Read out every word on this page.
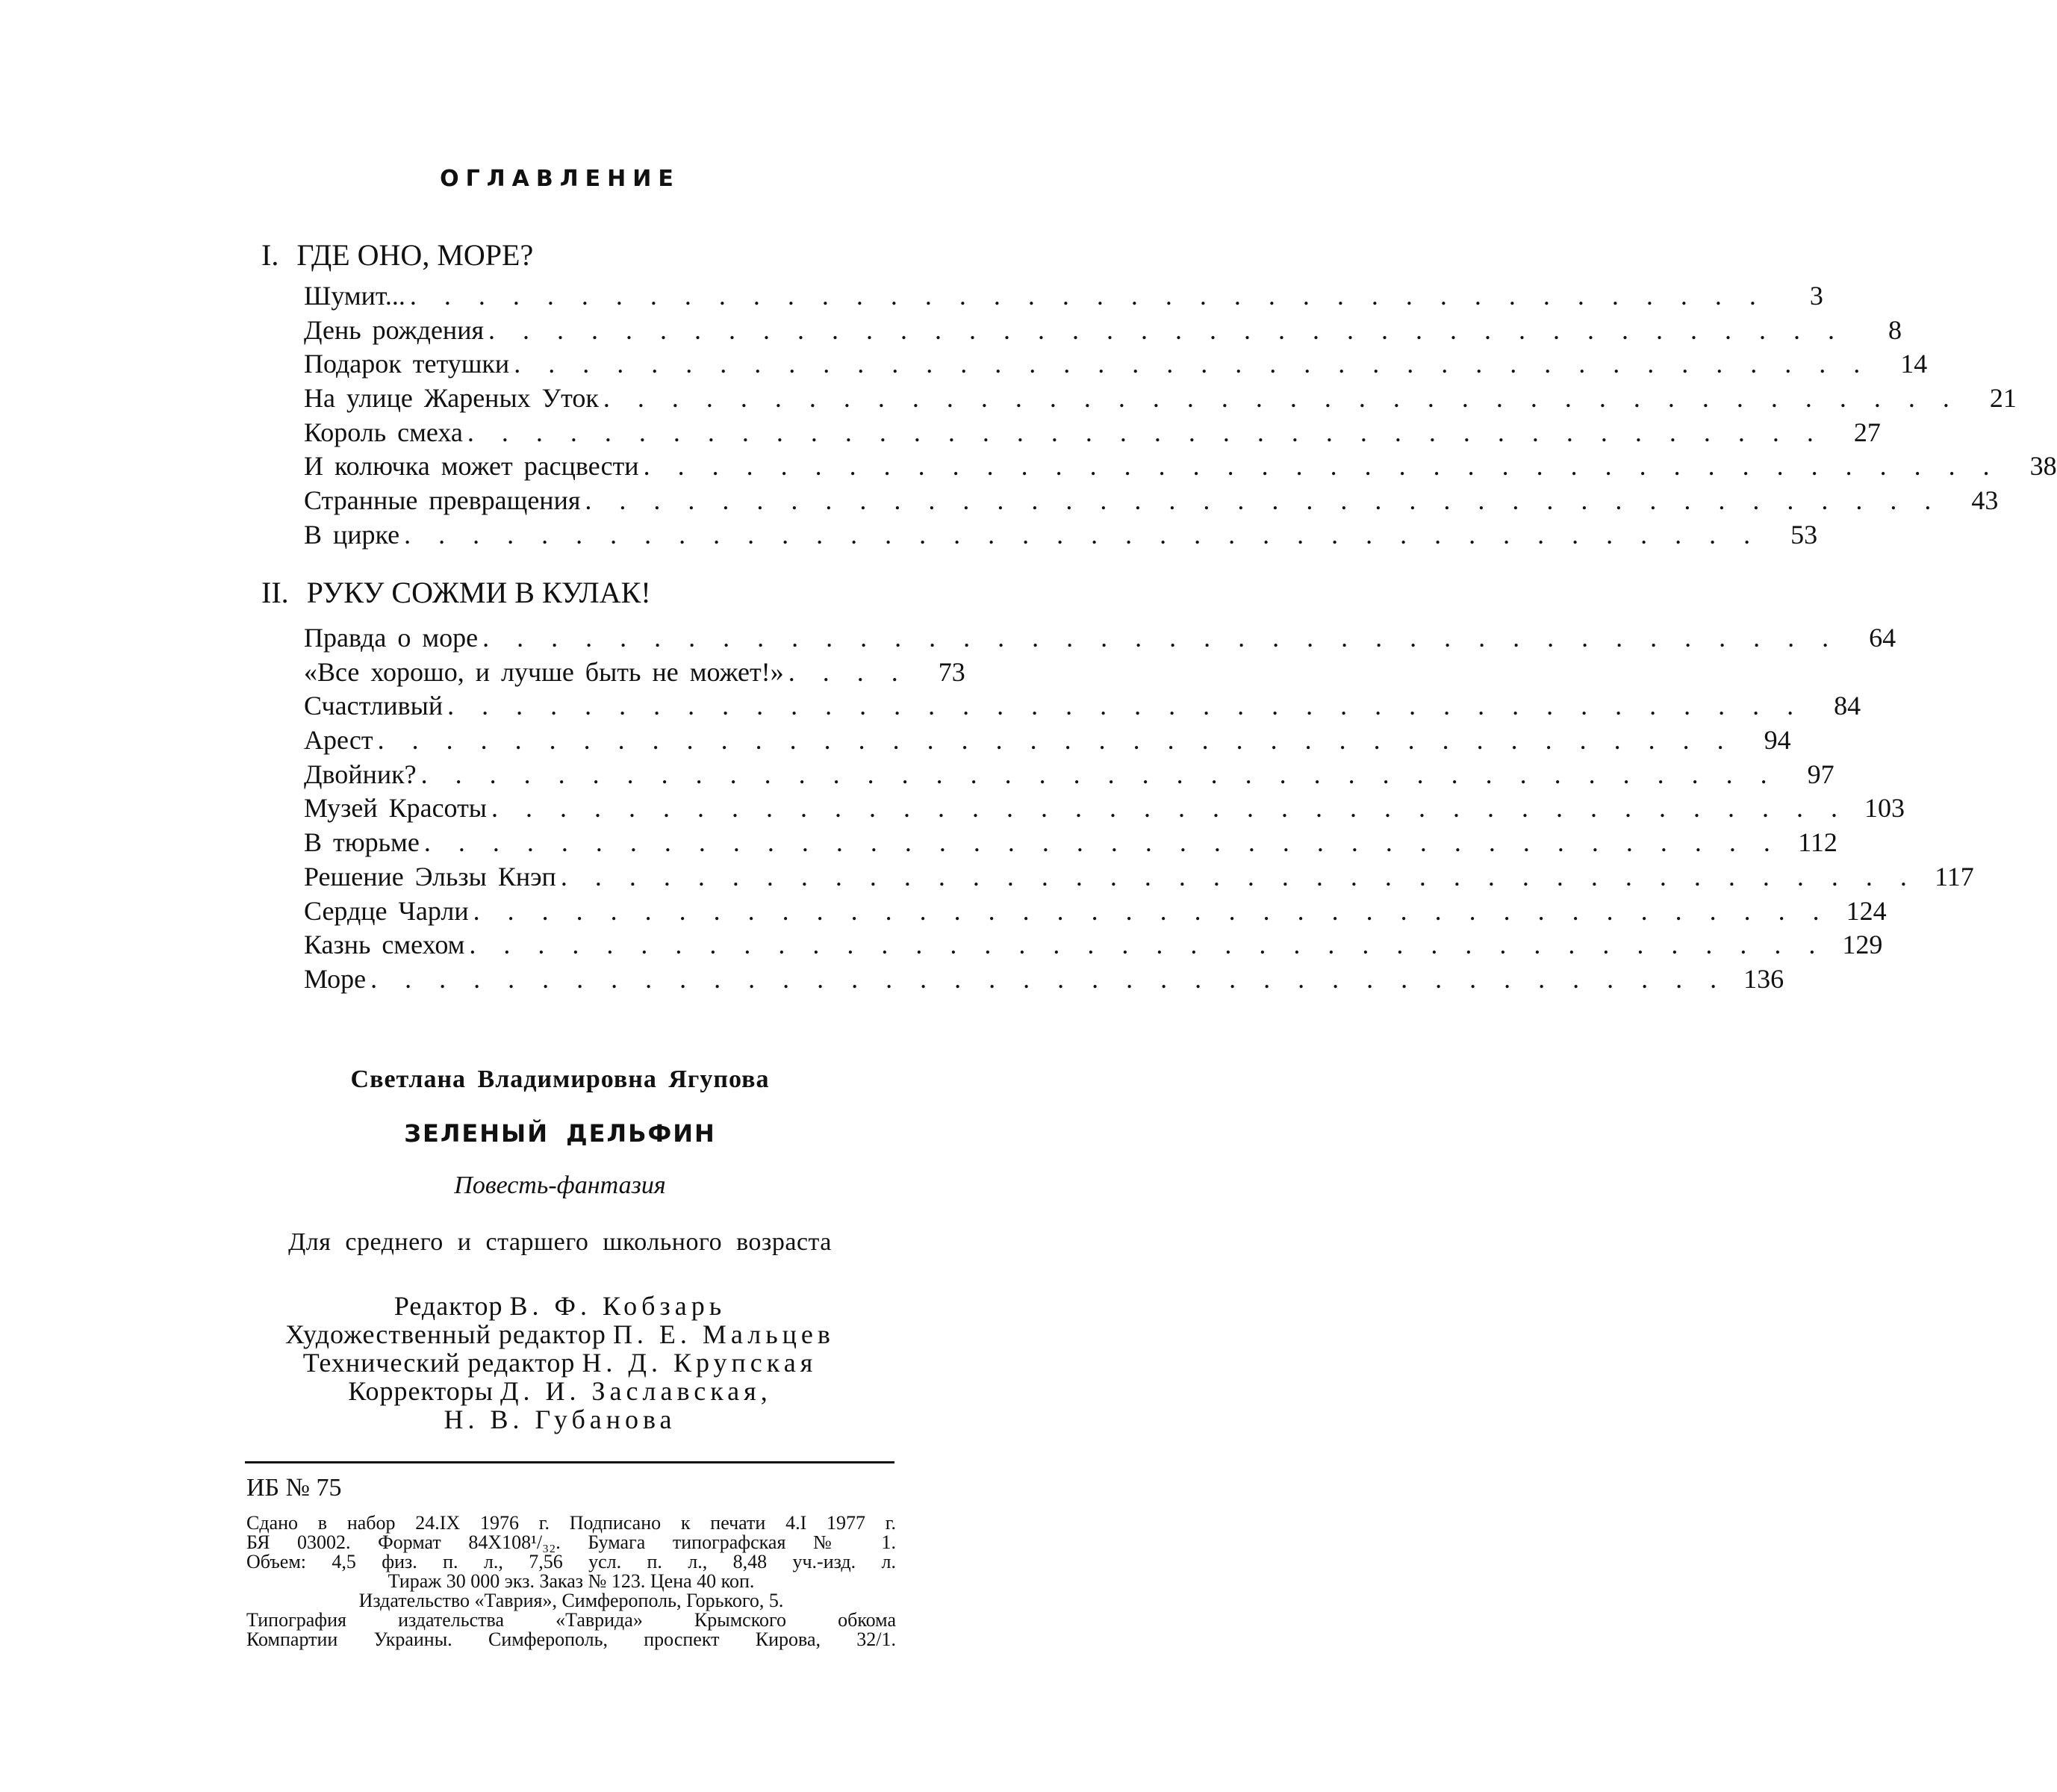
ОГЛАВЛЕНИЕ
I. ГДЕ ОНО, МОРЕ?
Шумит... . . . . . . . . . . . . . . . . . . . . . . . . . . . . . . . . . . . . . . . .	3
День рождения . . . . . . . . . . . . . . . . . . . . . . . . . . . . . . . . . . . . . . . .	8
Подарок тетушки . . . . . . . . . . . . . . . . . . . . . . . . . . . . . . . . . . . . . . . .	14
На улице Жареных Уток . . . . . . . . . . . . . . . . . . . . . . . . . . . . . . . . . . . . . . . .	21
Король смеха . . . . . . . . . . . . . . . . . . . . . . . . . . . . . . . . . . . . . . . .	27
И колючка может расцвести . . . . . . . . . . . . . . . . . . . . . . . . . . . . . . . . . . . . . . . .	38
Странные превращения . . . . . . . . . . . . . . . . . . . . . . . . . . . . . . . . . . . . . . . .	43
В цирке . . . . . . . . . . . . . . . . . . . . . . . . . . . . . . . . . . . . . . . .	53
II. РУКУ СОЖМИ В КУЛАК!
Правда о море . . . . . . . . . . . . . . . . . . . . . . . . . . . . . . . . . . . . . . . .	64
«Все хорошо, и лучше быть не может!» . . . .	73
Счастливый . . . . . . . . . . . . . . . . . . . . . . . . . . . . . . . . . . . . . . . .	84
Арест . . . . . . . . . . . . . . . . . . . . . . . . . . . . . . . . . . . . . . . .	94
Двойник? . . . . . . . . . . . . . . . . . . . . . . . . . . . . . . . . . . . . . . . .	97
Музей Красоты . . . . . . . . . . . . . . . . . . . . . . . . . . . . . . . . . . . . . . . . 103
В тюрьме . . . . . . . . . . . . . . . . . . . . . . . . . . . . . . . . . . . . . . . . 112
Решение Эльзы Кнэп . . . . . . . . . . . . . . . . . . . . . . . . . . . . . . . . . . . . . . . . 117
Сердце Чарли . . . . . . . . . . . . . . . . . . . . . . . . . . . . . . . . . . . . . . . . 124
Казнь смехом . . . . . . . . . . . . . . . . . . . . . . . . . . . . . . . . . . . . . . . . 129
Море . . . . . . . . . . . . . . . . . . . . . . . . . . . . . . . . . . . . . . . . 136
Светлана Владимировна Ягупова
ЗЕЛЕНЫЙ ДЕЛЬФИН
Повесть-фантазия
Для среднего и старшего школьного возраста
Редактор В. Ф. Кобзарь
Художественный редактор П. Е. Мальцев
Технический редактор Н. Д. Крупская
Корректоры Д. И. Заславская,
Н. В. Губанова
ИБ № 75
Сдано в набор 24.IX 1976 г. Подписано к печати 4.I 1977 г.
БЯ 03002. Формат 84X108¹/₃₂. Бумага типографская № 1.
Объем: 4,5 физ. п. л., 7,56 усл. п. л., 8,48 уч.-изд. л.
Тираж 30 000 экз. Заказ № 123. Цена 40 коп.
Издательство «Таврия», Симферополь, Горького, 5.
Типография издательства «Таврида» Крымского обкома
Компартии Украины. Симферополь, проспект Кирова, 32/1.
